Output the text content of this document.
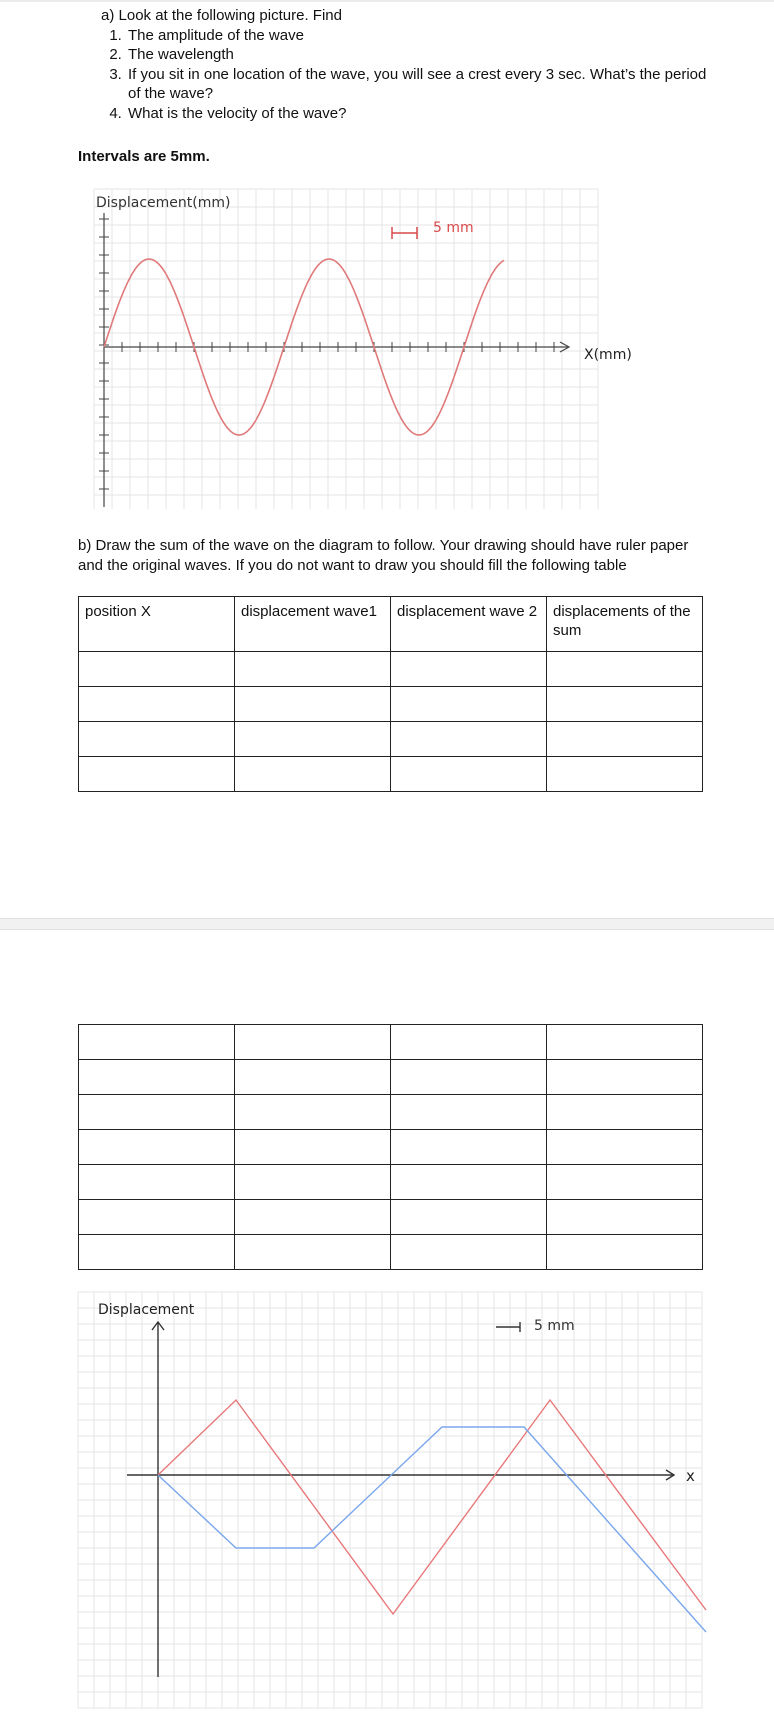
a) Look at the following picture. Find
1. The amplitude of the wave
2. The wavelength
3. If you sit in one location of the wave, you will see a crest every 3 sec. What’s the period of the wave?
4. What is the velocity of the wave?
Intervals are 5mm.
Displacement(mm)
5 mm
X(mm)
b) Draw the sum of the wave on the diagram to follow. Your drawing should have ruler paper and the original waves. If you do not want to draw you should fill the following table
position X	displacement wave1	displacement wave 2	displacements of the sum

Displacement
5 mm
x
